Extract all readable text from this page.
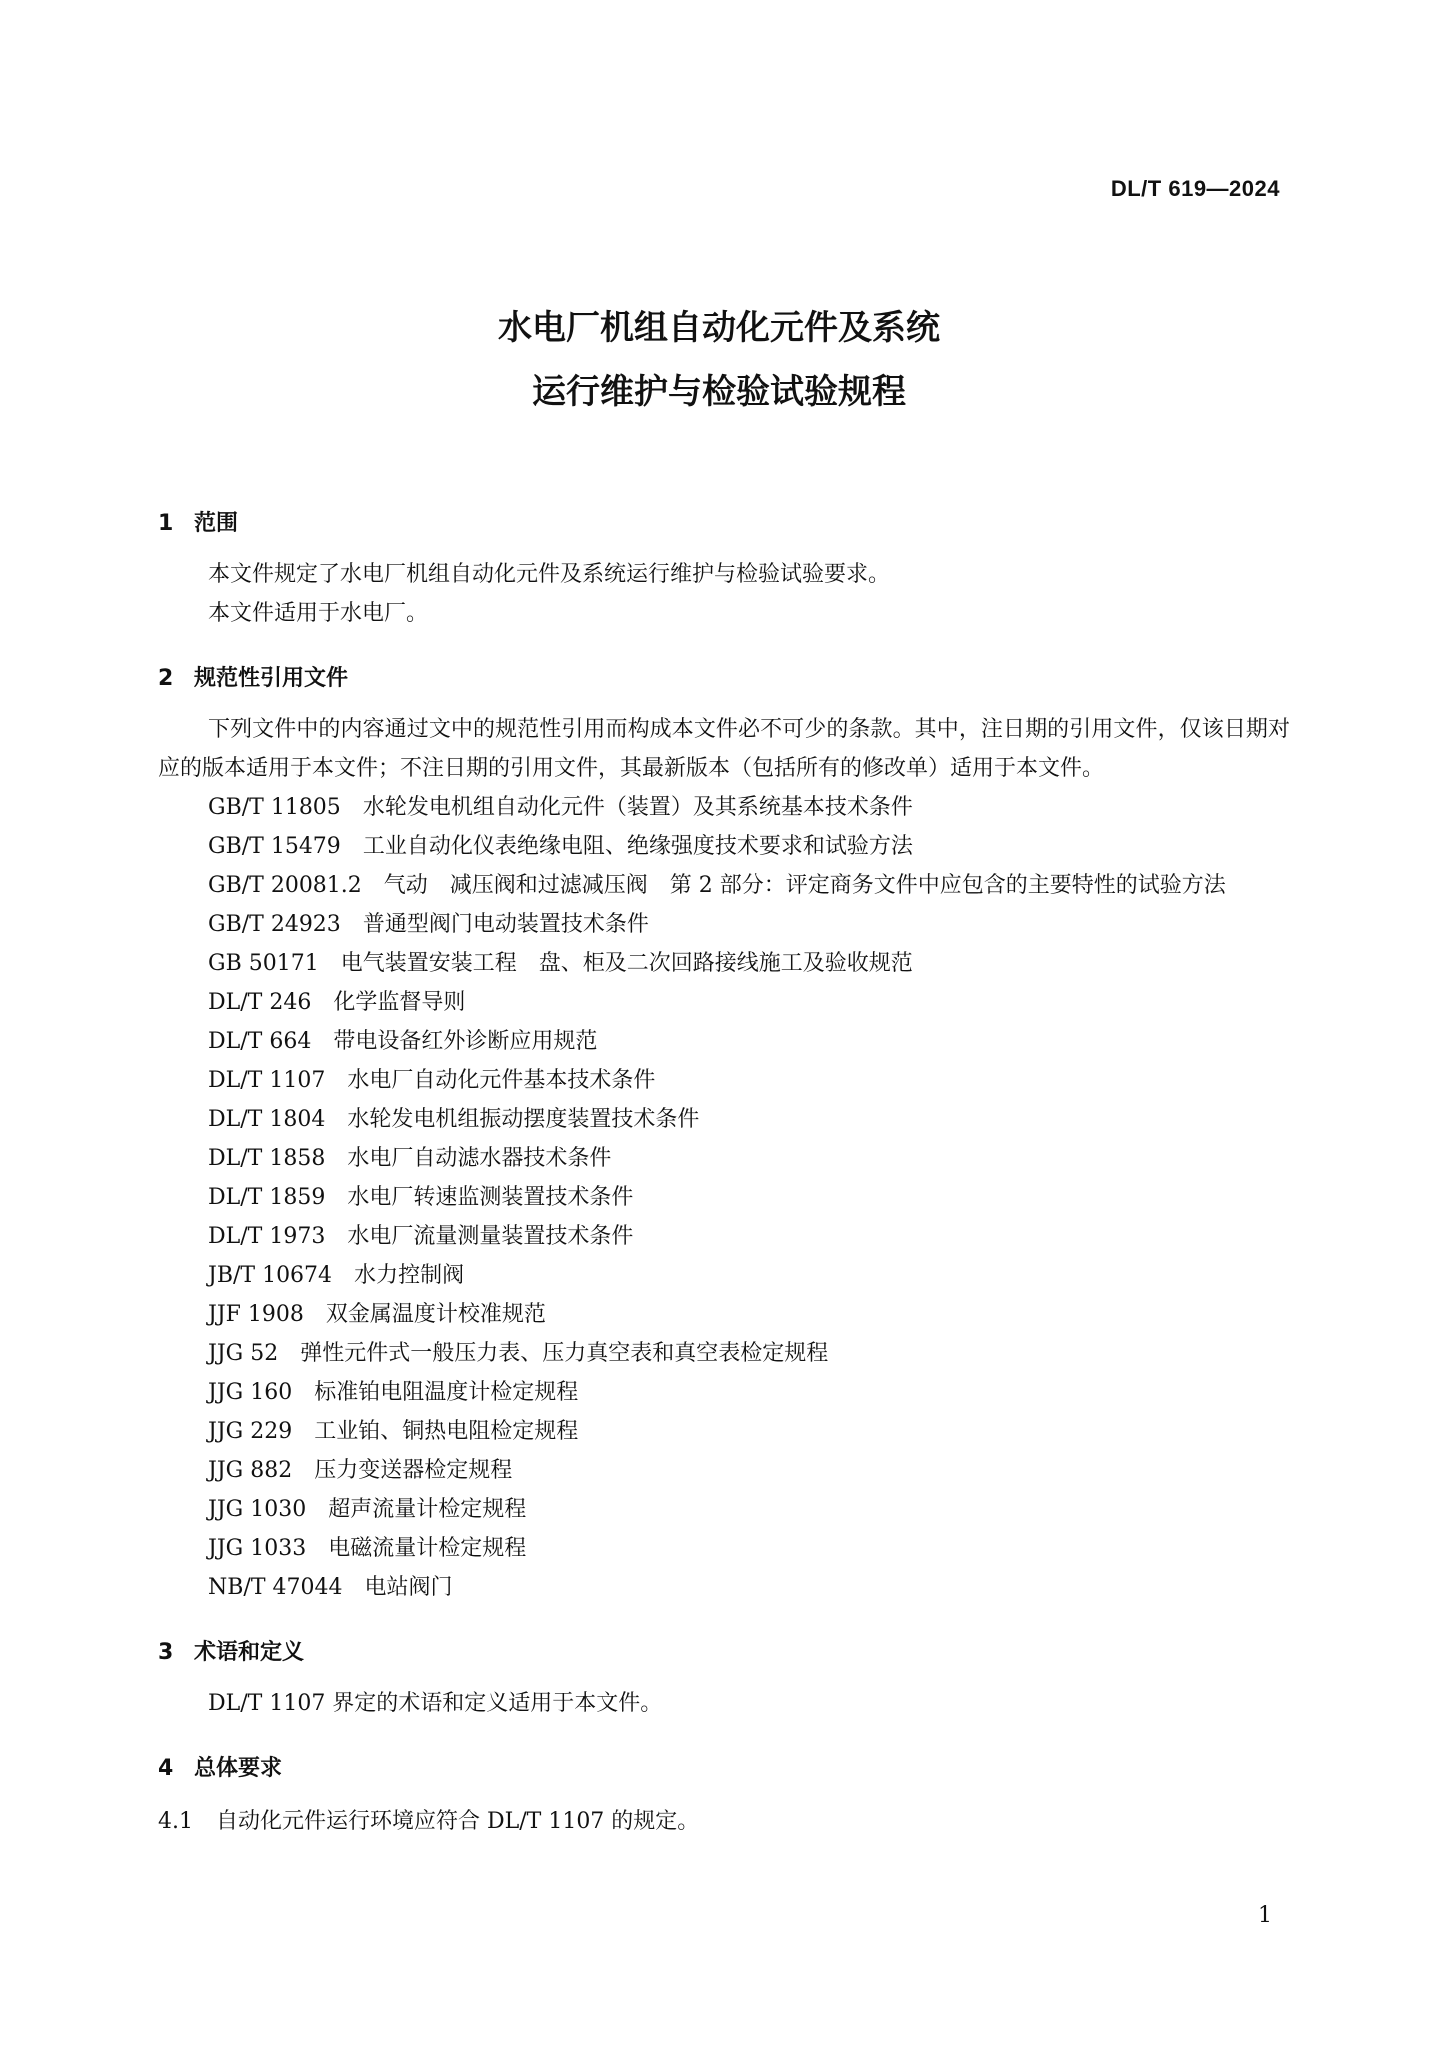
DL/T 619—2024
水电厂机组自动化元件及系统
运行维护与检验试验规程
1 范围
本文件规定了水电厂机组自动化元件及系统运行维护与检验试验要求。
本文件适用于水电厂。
2 规范性引用文件
下列文件中的内容通过文中的规范性引用而构成本文件必不可少的条款。其中，注日期的引用文件，仅该日期对应的版本适用于本文件；不注日期的引用文件，其最新版本（包括所有的修改单）适用于本文件。
GB/T 11805 水轮发电机组自动化元件（装置）及其系统基本技术条件
GB/T 15479 工业自动化仪表绝缘电阻、绝缘强度技术要求和试验方法
GB/T 20081.2 气动　减压阀和过滤减压阀　第 2 部分：评定商务文件中应包含的主要特性的试验方法
GB/T 24923 普通型阀门电动装置技术条件
GB 50171 电气装置安装工程　盘、柜及二次回路接线施工及验收规范
DL/T 246 化学监督导则
DL/T 664 带电设备红外诊断应用规范
DL/T 1107 水电厂自动化元件基本技术条件
DL/T 1804 水轮发电机组振动摆度装置技术条件
DL/T 1858 水电厂自动滤水器技术条件
DL/T 1859 水电厂转速监测装置技术条件
DL/T 1973 水电厂流量测量装置技术条件
JB/T 10674 水力控制阀
JJF 1908 双金属温度计校准规范
JJG 52 弹性元件式一般压力表、压力真空表和真空表检定规程
JJG 160 标准铂电阻温度计检定规程
JJG 229 工业铂、铜热电阻检定规程
JJG 882 压力变送器检定规程
JJG 1030 超声流量计检定规程
JJG 1033 电磁流量计检定规程
NB/T 47044 电站阀门
3 术语和定义
DL/T 1107 界定的术语和定义适用于本文件。
4 总体要求
4.1 自动化元件运行环境应符合 DL/T 1107 的规定。
1
